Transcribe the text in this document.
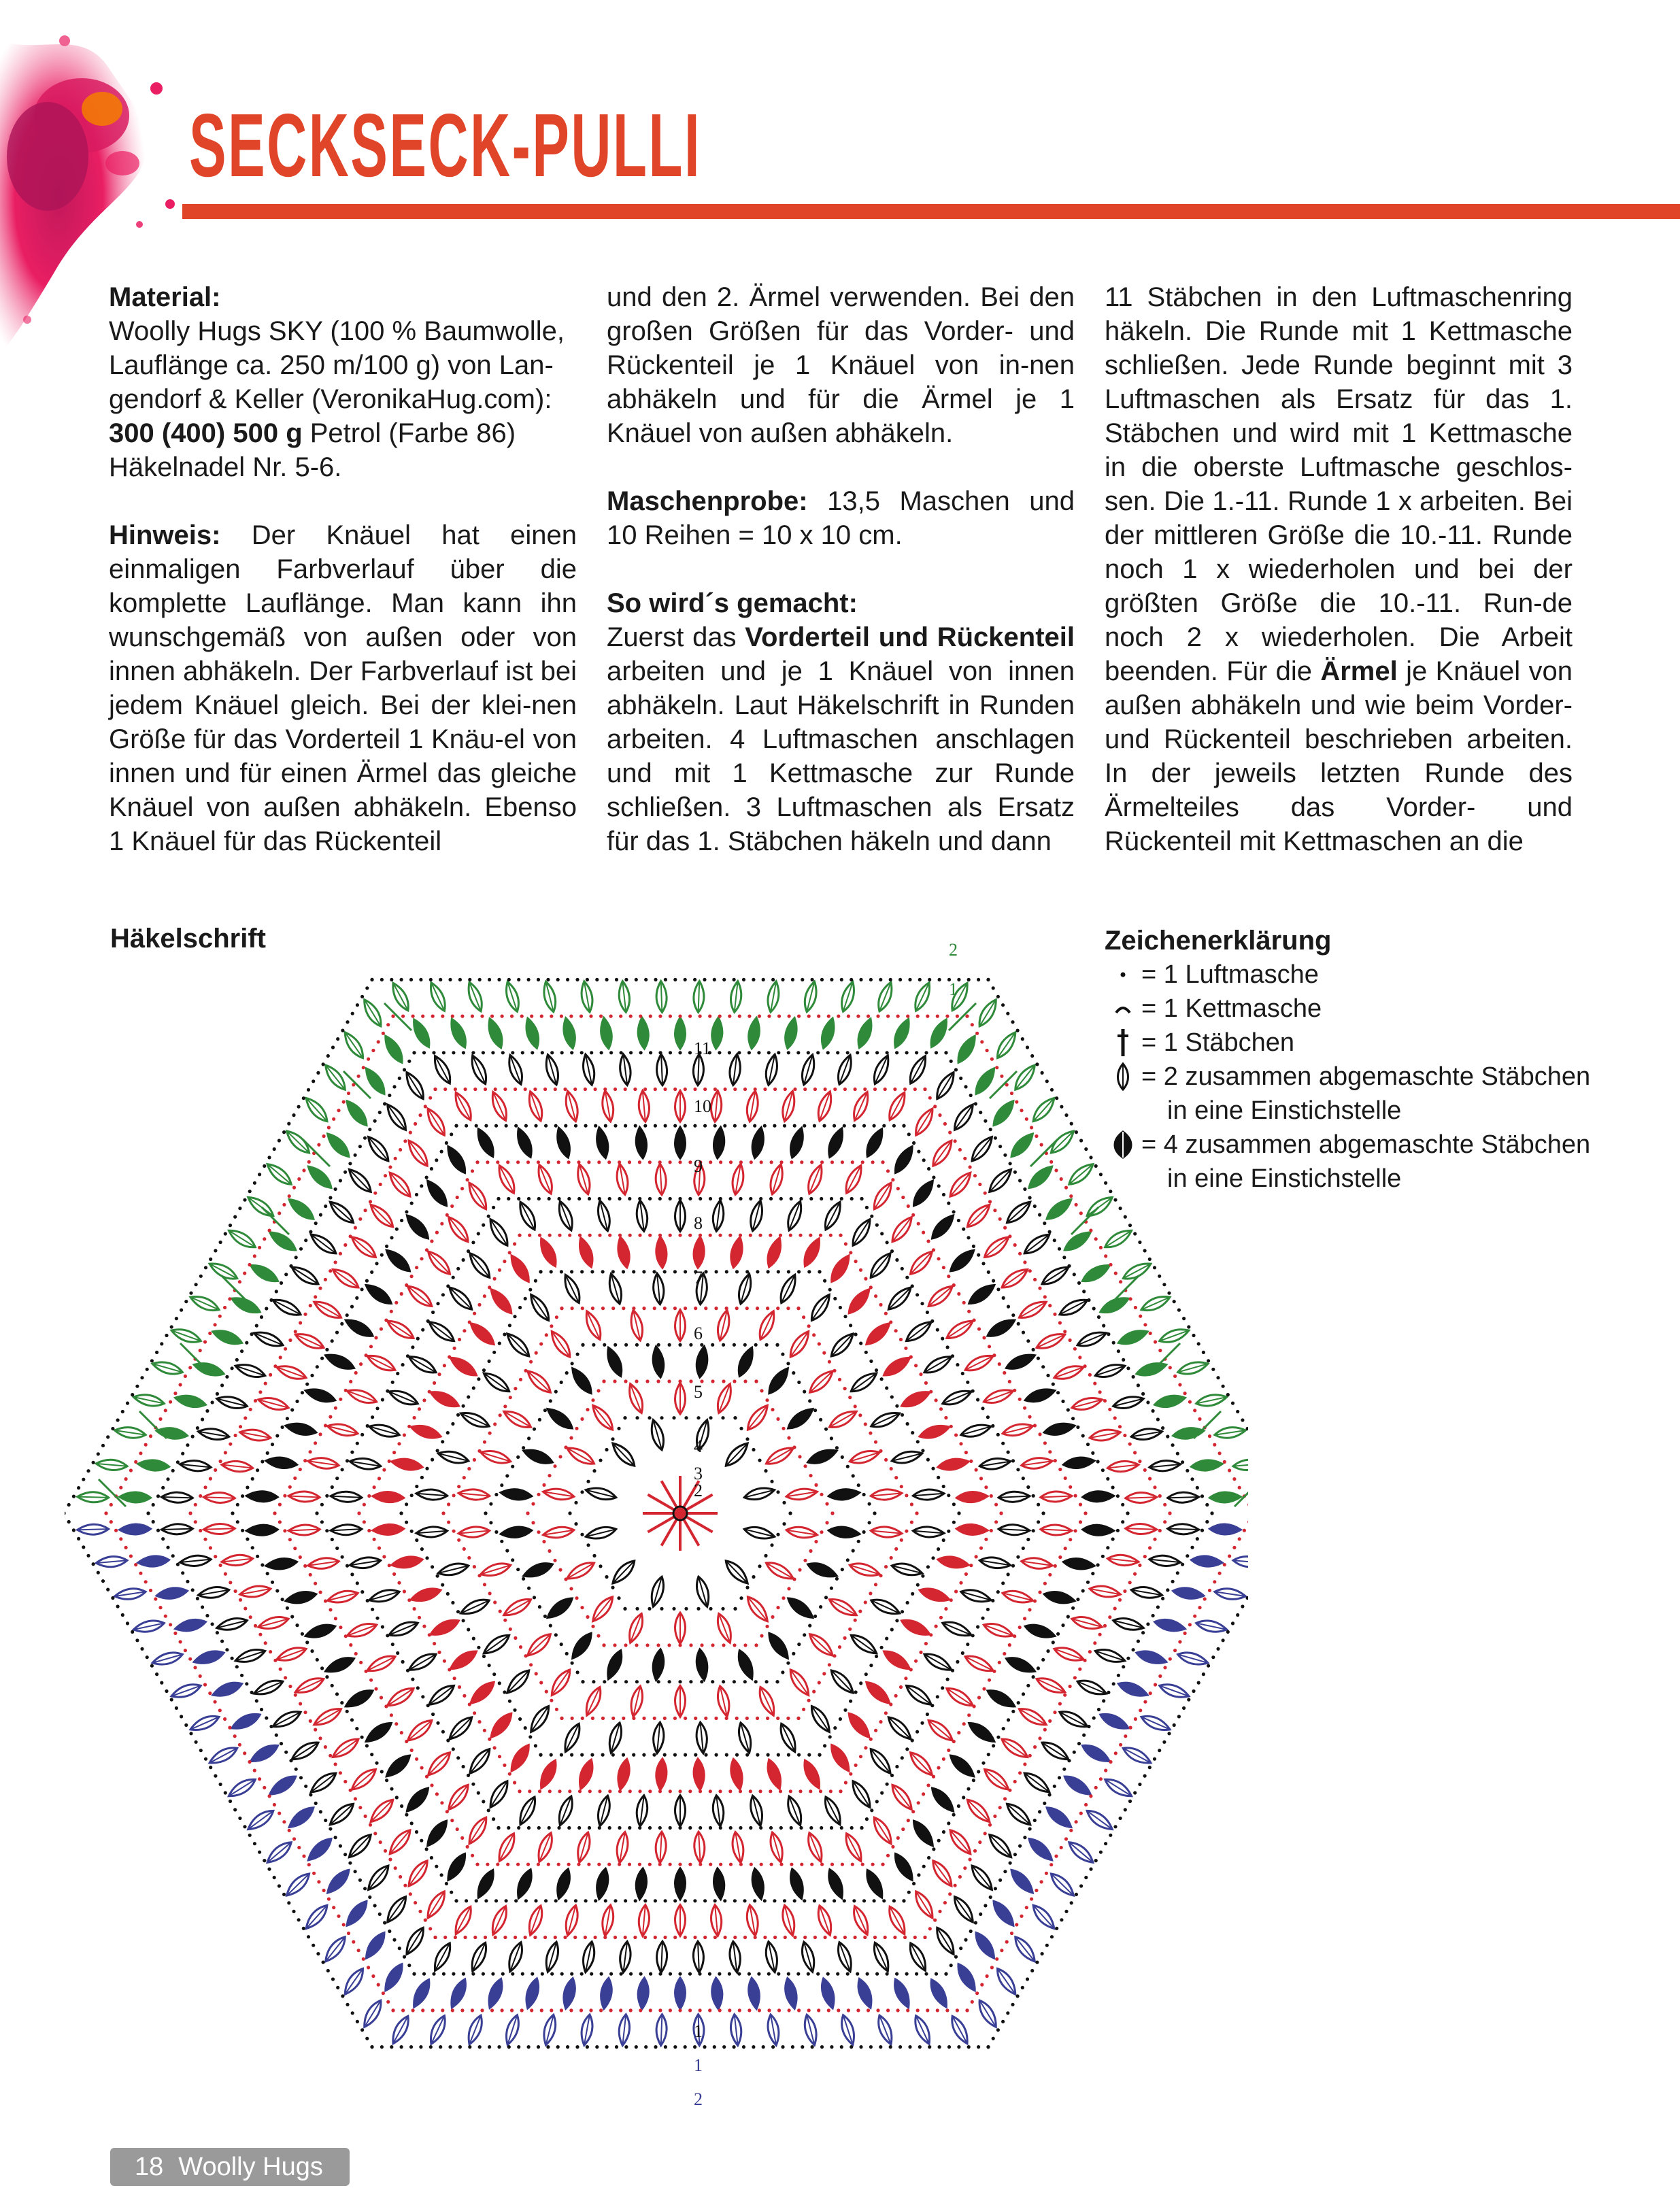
SECKSECK-PULLI

Material:
Woolly Hugs SKY (100 % Baumwolle,
Lauflänge ca. 250 m/100 g) von Lan-
gendorf & Keller (VeronikaHug.com):
300 (400) 500 g Petrol (Farbe 86)
Häkelnadel Nr. 5-6.

Hinweis: Der Knäuel hat einen einmaligen Farbverlauf über die komplette Lauflänge. Man kann ihn wunschgemäß von außen oder von innen abhäkeln. Der Farbverlauf ist bei jedem Knäuel gleich. Bei der klei-nen Größe für das Vorderteil 1 Knäu-el von innen und für einen Ärmel das gleiche Knäuel von außen abhäkeln. Ebenso 1 Knäuel für das Rückenteil

und den 2. Ärmel verwenden. Bei den großen Größen für das Vorder- und Rückenteil je 1 Knäuel von in-nen abhäkeln und für die Ärmel je 1 Knäuel von außen abhäkeln.

Maschenprobe: 13,5 Maschen und 10 Reihen = 10 x 10 cm.

So wird´s gemacht:
Zuerst das Vorderteil und Rückenteil arbeiten und je 1 Knäuel von innen abhäkeln. Laut Häkelschrift in Runden arbeiten. 4 Luftmaschen anschlagen und mit 1 Kettmasche zur Runde schließen. 3 Luftmaschen als Ersatz für das 1. Stäbchen häkeln und dann

11 Stäbchen in den Luftmaschenring häkeln. Die Runde mit 1 Kettmasche schließen. Jede Runde beginnt mit 3 Luftmaschen als Ersatz für das 1. Stäbchen und wird mit 1 Kettmasche in die oberste Luftmasche geschlos-sen. Die 1.-11. Runde 1 x arbeiten. Bei der mittleren Größe die 10.-11. Runde noch 1 x wiederholen und bei der größten Größe die 10.-11. Run-de noch 2 x wiederholen. Die Arbeit beenden. Für die Ärmel je Knäuel von außen abhäkeln und wie beim Vorder- und Rückenteil beschrieben arbeiten. In der jeweils letzten Runde des Ärmelteiles das Vorder- und Rückenteil mit Kettmaschen an die

Häkelschrift	2
1
11
10
9
8
7
6
5
4
3
2
1
1
2
Zeichenerklärung
= 1 Luftmasche
= 1 Kettmasche
= 1 Stäbchen
= 2 zusammen abgemaschte Stäbchen
in eine Einstichstelle
= 4 zusammen abgemaschte Stäbchen
in eine Einstichstelle
18 Woolly Hugs
